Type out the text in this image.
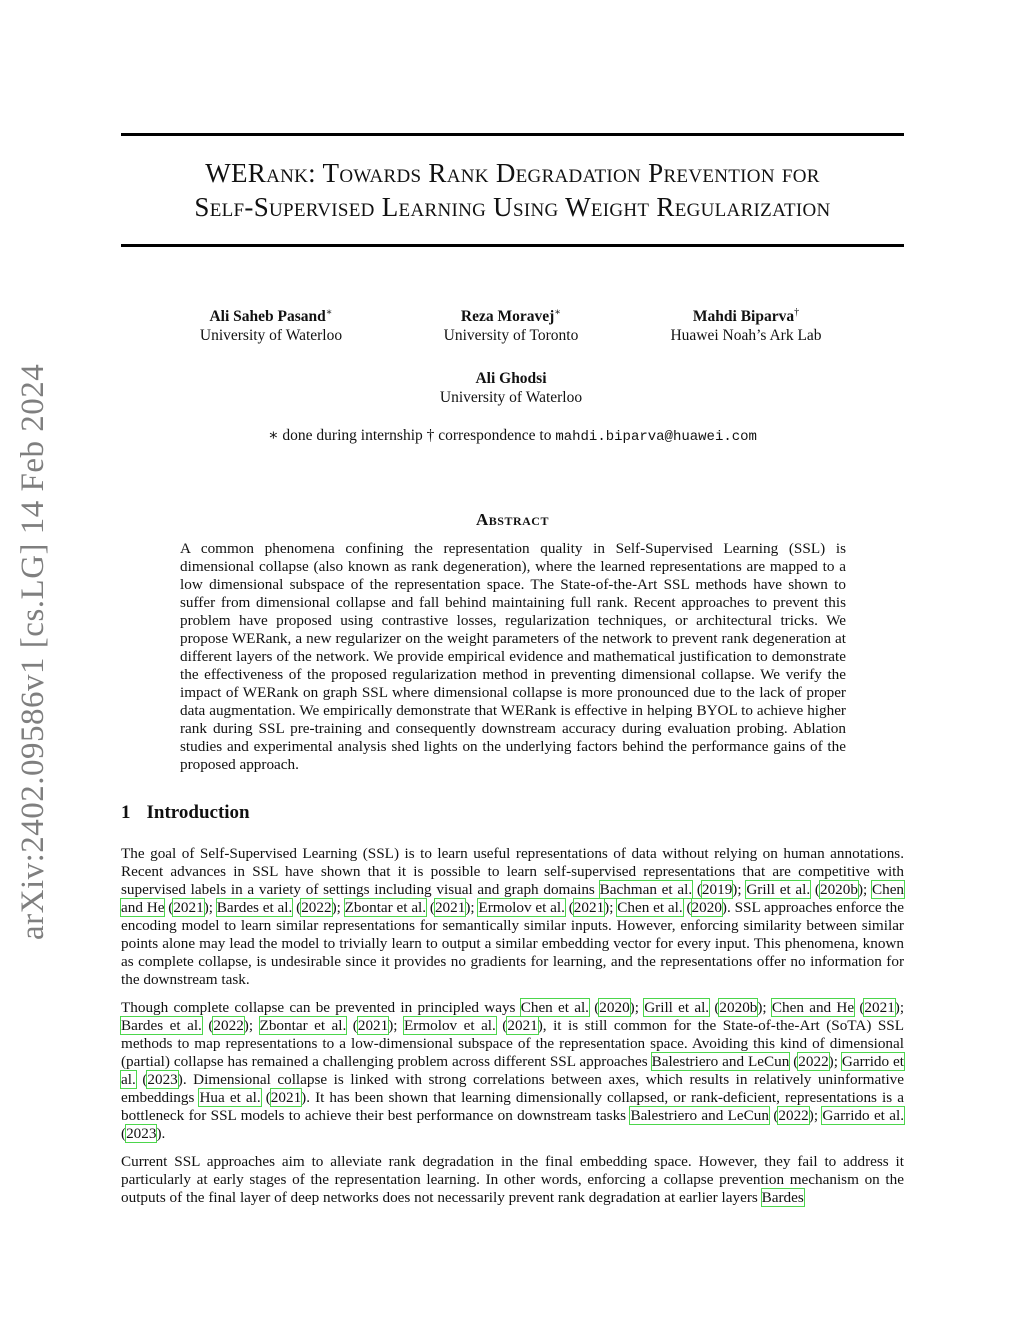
arXiv:2402.09586v1 [cs.LG] 14 Feb 2024
WERank: Towards Rank Degradation Prevention for
Self-Supervised Learning Using Weight Regularization
Ali Saheb Pasand∗
University of Waterloo
Reza Moravej∗
University of Toronto
Mahdi Biparva†
Huawei Noah’s Ark Lab
Ali Ghodsi
University of Waterloo
∗ done during internship † correspondence to mahdi.biparva@huawei.com
Abstract
A common phenomena confining the representation quality in Self-Supervised Learning (SSL) is dimensional collapse (also known as rank degeneration), where the learned representations are mapped to a low dimensional subspace of the representation space. The State-of-the-Art SSL methods have shown to suffer from dimensional collapse and fall behind maintaining full rank. Recent approaches to prevent this problem have proposed using contrastive losses, regularization techniques, or architectural tricks. We propose WERank, a new regularizer on the weight parameters of the network to prevent rank degeneration at different layers of the network. We provide empirical evidence and mathematical justification to demonstrate the effectiveness of the proposed regularization method in preventing dimensional collapse. We verify the impact of WERank on graph SSL where dimensional collapse is more pronounced due to the lack of proper data augmentation. We empirically demonstrate that WERank is effective in helping BYOL to achieve higher rank during SSL pre-training and consequently downstream accuracy during evaluation probing. Ablation studies and experimental analysis shed lights on the underlying factors behind the performance gains of the proposed approach.
1 Introduction
The goal of Self-Supervised Learning (SSL) is to learn useful representations of data without relying on human annotations. Recent advances in SSL have shown that it is possible to learn self-supervised representations that are competitive with supervised labels in a variety of settings including visual and graph domains Bachman et al. (2019); Grill et al. (2020b); Chen and He (2021); Bardes et al. (2022); Zbontar et al. (2021); Ermolov et al. (2021); Chen et al. (2020). SSL approaches enforce the encoding model to learn similar representations for semantically similar inputs. However, enforcing similarity between similar points alone may lead the model to trivially learn to output a similar embedding vector for every input. This phenomena, known as complete collapse, is undesirable since it provides no gradients for learning, and the representations offer no information for the downstream task.
Though complete collapse can be prevented in principled ways Chen et al. (2020); Grill et al. (2020b); Chen and He (2021); Bardes et al. (2022); Zbontar et al. (2021); Ermolov et al. (2021), it is still common for the State-of-the-Art (SoTA) SSL methods to map representations to a low-dimensional subspace of the representation space. Avoiding this kind of dimensional (partial) collapse has remained a challenging problem across different SSL approaches Balestriero and LeCun (2022); Garrido et al. (2023). Dimensional collapse is linked with strong correlations between axes, which results in relatively uninformative embeddings Hua et al. (2021). It has been shown that learning dimensionally collapsed, or rank-deficient, representations is a bottleneck for SSL models to achieve their best performance on downstream tasks Balestriero and LeCun (2022); Garrido et al. (2023).
Current SSL approaches aim to alleviate rank degradation in the final embedding space. However, they fail to address it particularly at early stages of the representation learning. In other words, enforcing a collapse prevention mechanism on the outputs of the final layer of deep networks does not necessarily prevent rank degradation at earlier layers Bardes
